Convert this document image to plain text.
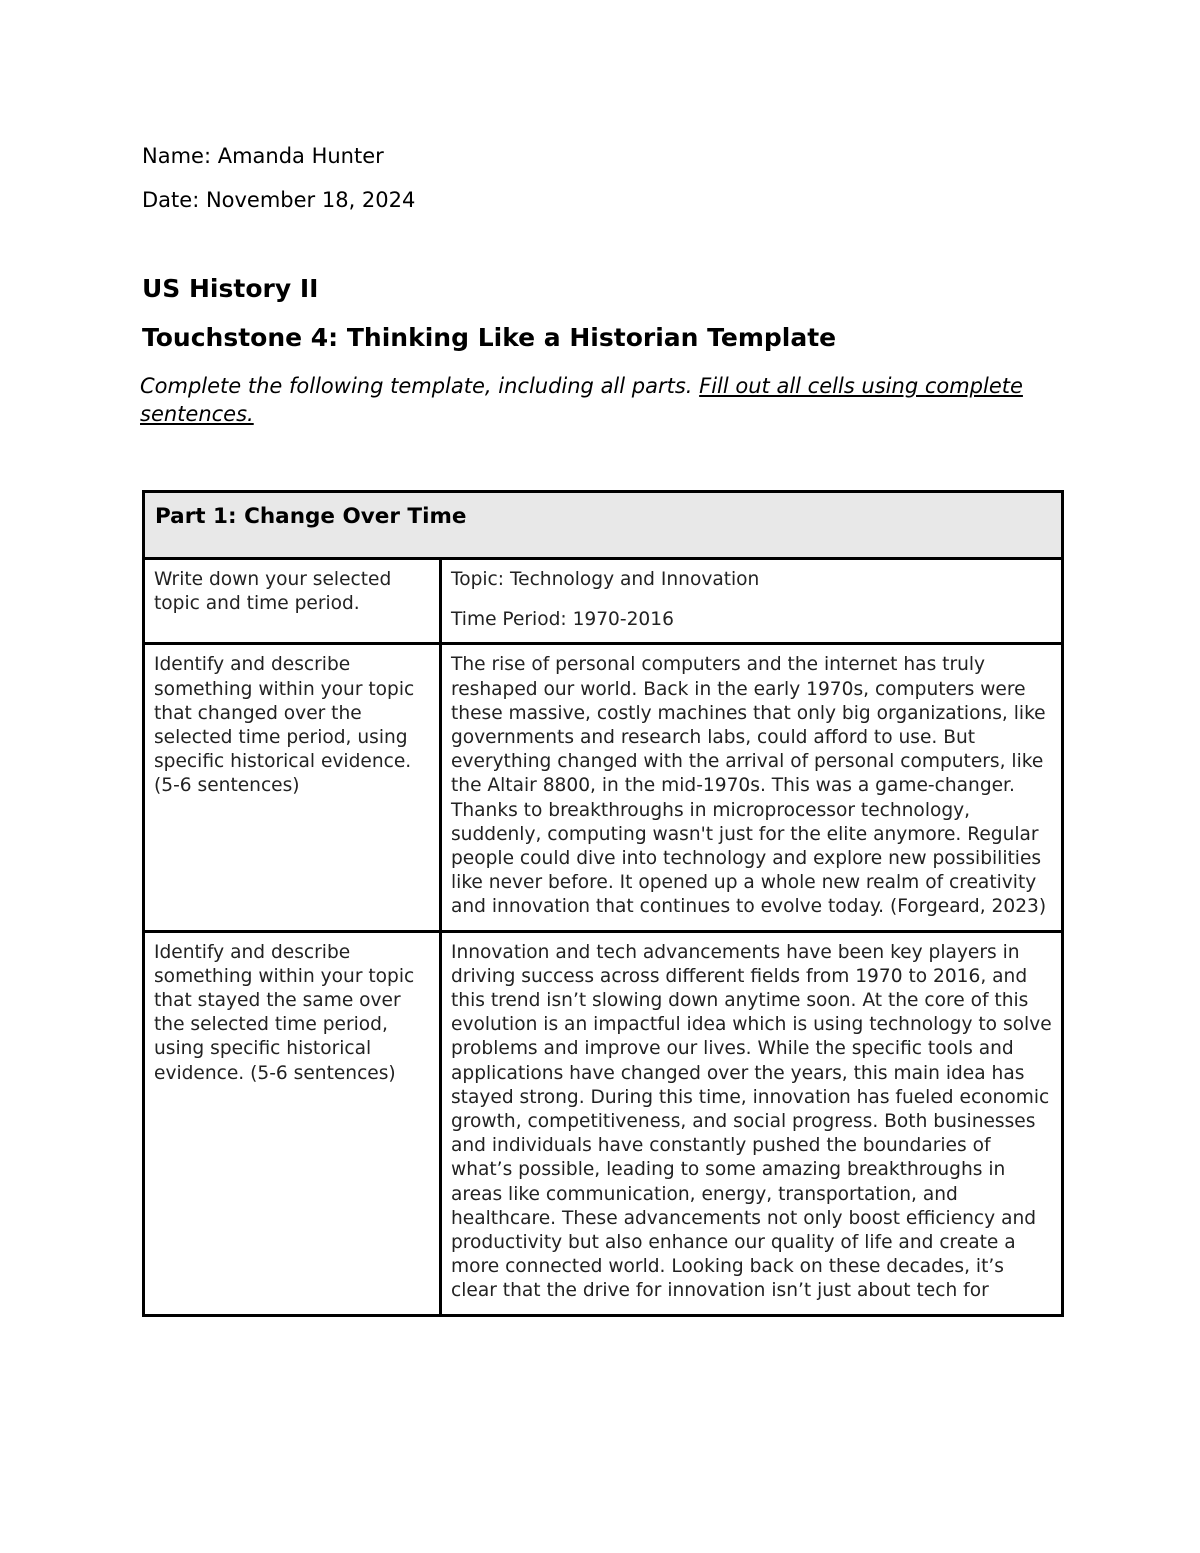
Name: Amanda Hunter
Date: November 18, 2024
US History II
Touchstone 4: Thinking Like a Historian Template
Complete the following template, including all parts. Fill out all cells using complete sentences.
Part 1: Change Over Time	
Write down your selected topic and time period.	Topic: Technology and Innovation

Time Period: 1970-2016

Identify and describe something within your topic that changed over the selected time period, using specific historical evidence. (5-6 sentences)	The rise of personal computers and the internet has truly reshaped our world. Back in the early 1970s, computers were these massive, costly machines that only big organizations, like governments and research labs, could afford to use. But everything changed with the arrival of personal computers, like the Altair 8800, in the mid-1970s. This was a game-changer. Thanks to breakthroughs in microprocessor technology, suddenly, computing wasn't just for the elite anymore. Regular people could dive into technology and explore new possibilities like never before. It opened up a whole new realm of creativity and innovation that continues to evolve today. (Forgeard, 2023)
Identify and describe something within your topic that stayed the same over the selected time period, using specific historical evidence. (5-6 sentences)	Innovation and tech advancements have been key players in driving success across different fields from 1970 to 2016, and this trend isn’t slowing down anytime soon. At the core of this evolution is an impactful idea which is using technology to solve problems and improve our lives. While the specific tools and applications have changed over the years, this main idea has stayed strong. During this time, innovation has fueled economic growth, competitiveness, and social progress. Both businesses and individuals have constantly pushed the boundaries of what’s possible, leading to some amazing breakthroughs in areas like communication, energy, transportation, and healthcare. These advancements not only boost efficiency and productivity but also enhance our quality of life and create a more connected world. Looking back on these decades, it’s clear that the drive for innovation isn’t just about tech for
